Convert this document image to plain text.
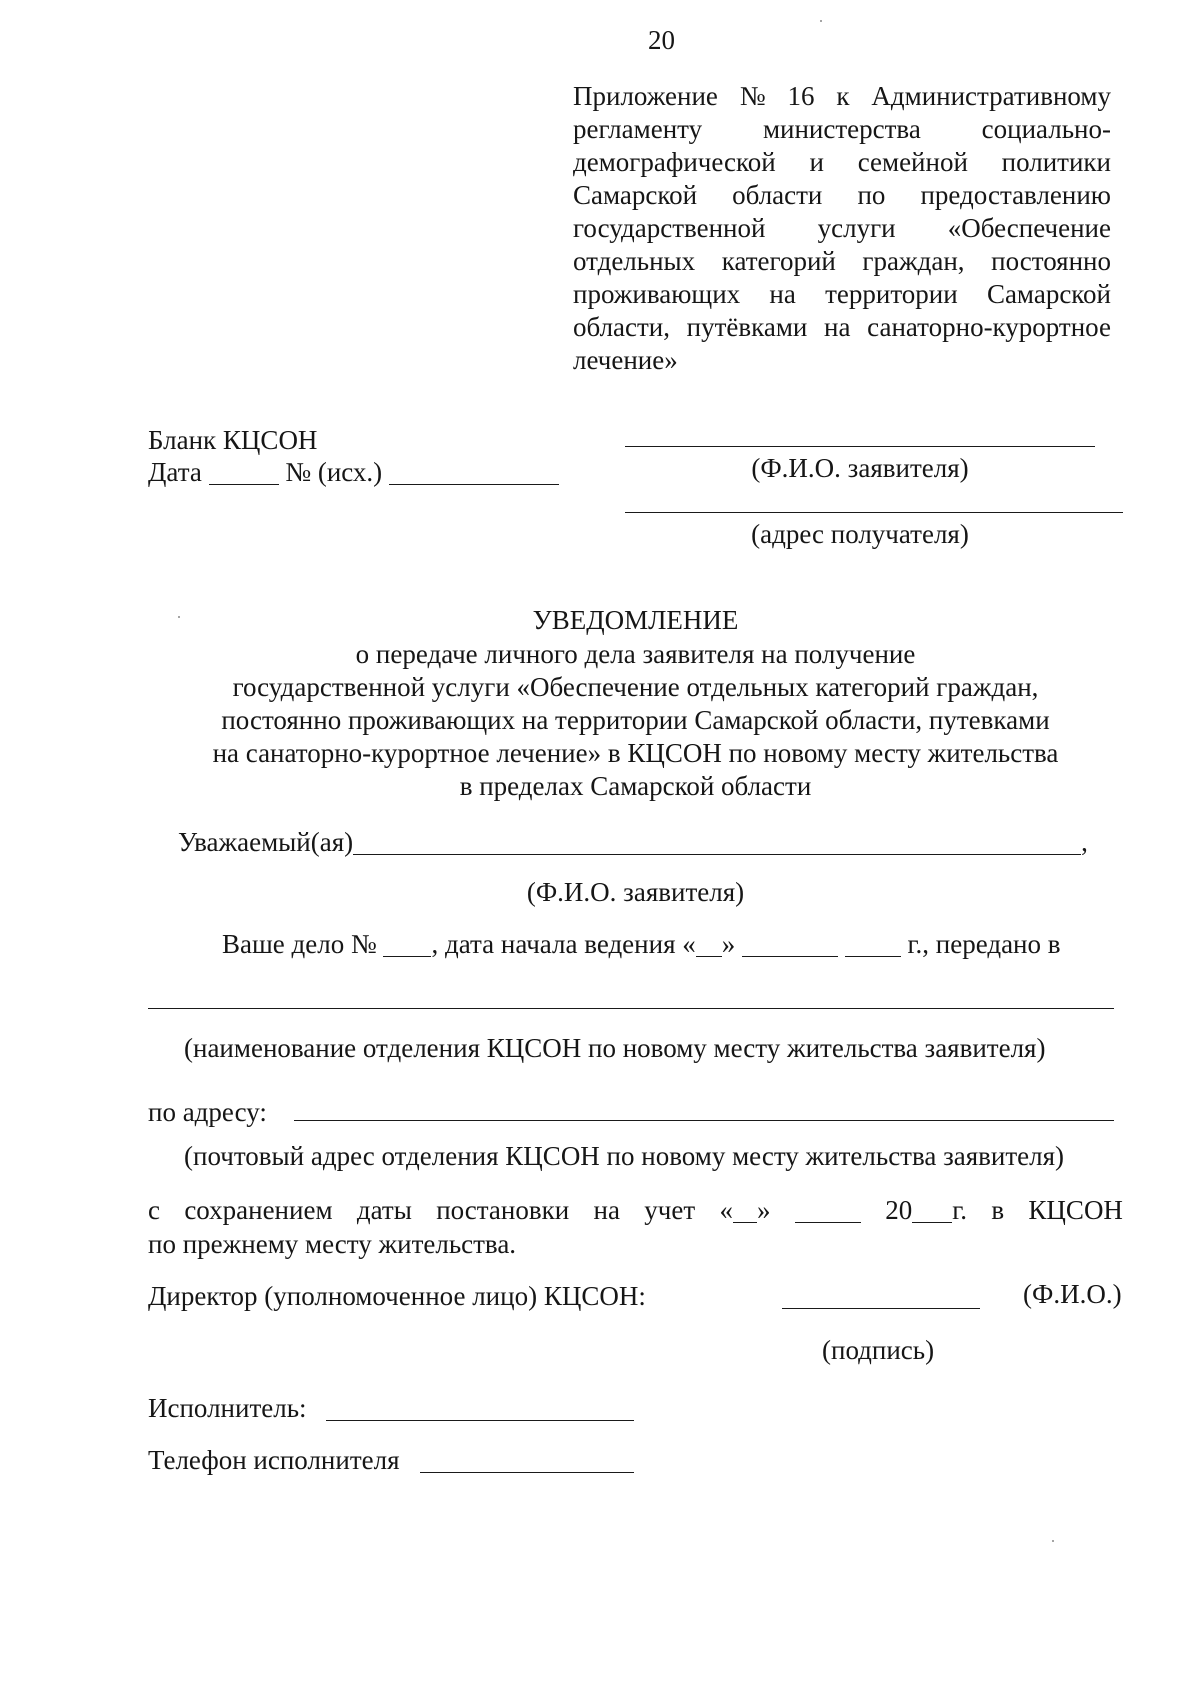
20
Приложение № 16 к Административному
регламенту министерства социально-
демографической и семейной политики
Самарской области по предоставлению
государственной услуги «Обеспечение
отдельных категорий граждан, постоянно
проживающих на территории Самарской
области, путёвками на санаторно-курортное
лечение»
Бланк КЦСОН
Дата	№ (исх.)	(Ф.И.О. заявителя)
(адрес получателя)
УВЕДОМЛЕНИЕ
о передаче личного дела заявителя на получение
государственной услуги «Обеспечение отдельных категорий граждан,
постоянно проживающих на территории Самарской области, путевками
на санаторно-курортное лечение» в КЦСОН по новому месту жительства
в пределах Самарской области
Уважаемый(ая)	,
(Ф.И.О. заявителя)
Ваше дело № , дата начала ведения « »	г., передано в
(наименование отделения КЦСОН по новому месту жительства заявителя)
по адресу:
(почтовый адрес отделения КЦСОН по новому месту жительства заявителя)
с сохранением даты постановки на учет « »
	20 г. в КЦСОН
по прежнему месту жительства.
Директор (уполномоченное лицо) КЦСОН:	(Ф.И.О.)
(подпись)
Исполнитель:
Телефон исполнителя
